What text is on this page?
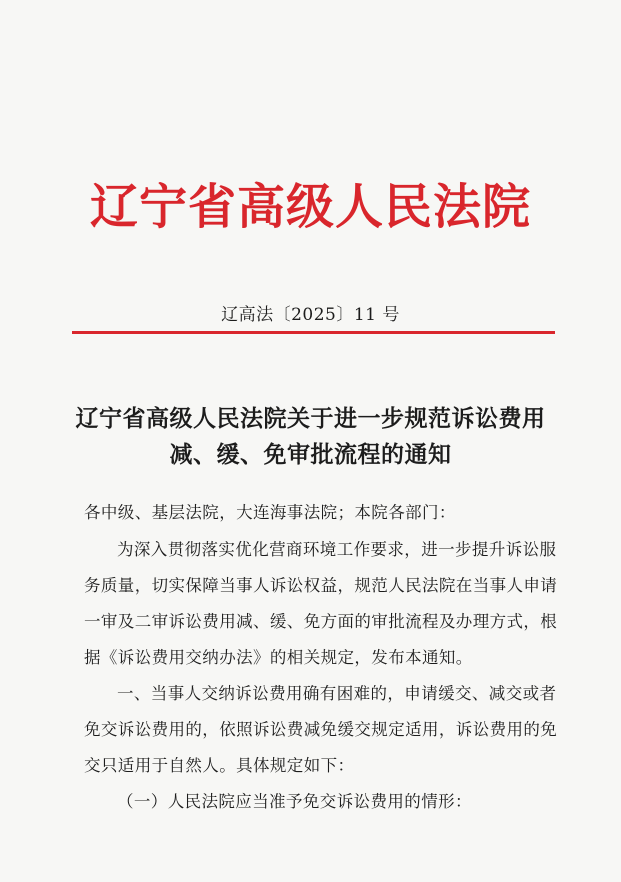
辽宁省高级人民法院
辽高法〔2025〕11 号
辽宁省高级人民法院关于进一步规范诉讼费用
减、缓、免审批流程的通知
各中级、基层法院，大连海事法院；本院各部门：
为深入贯彻落实优化营商环境工作要求，进一步提升诉讼服
务质量，切实保障当事人诉讼权益，规范人民法院在当事人申请
一审及二审诉讼费用减、缓、免方面的审批流程及办理方式，根
据《诉讼费用交纳办法》的相关规定，发布本通知。
一、当事人交纳诉讼费用确有困难的，申请缓交、减交或者
免交诉讼费用的，依照诉讼费减免缓交规定适用，诉讼费用的免
交只适用于自然人。具体规定如下：
（一）人民法院应当准予免交诉讼费用的情形：
